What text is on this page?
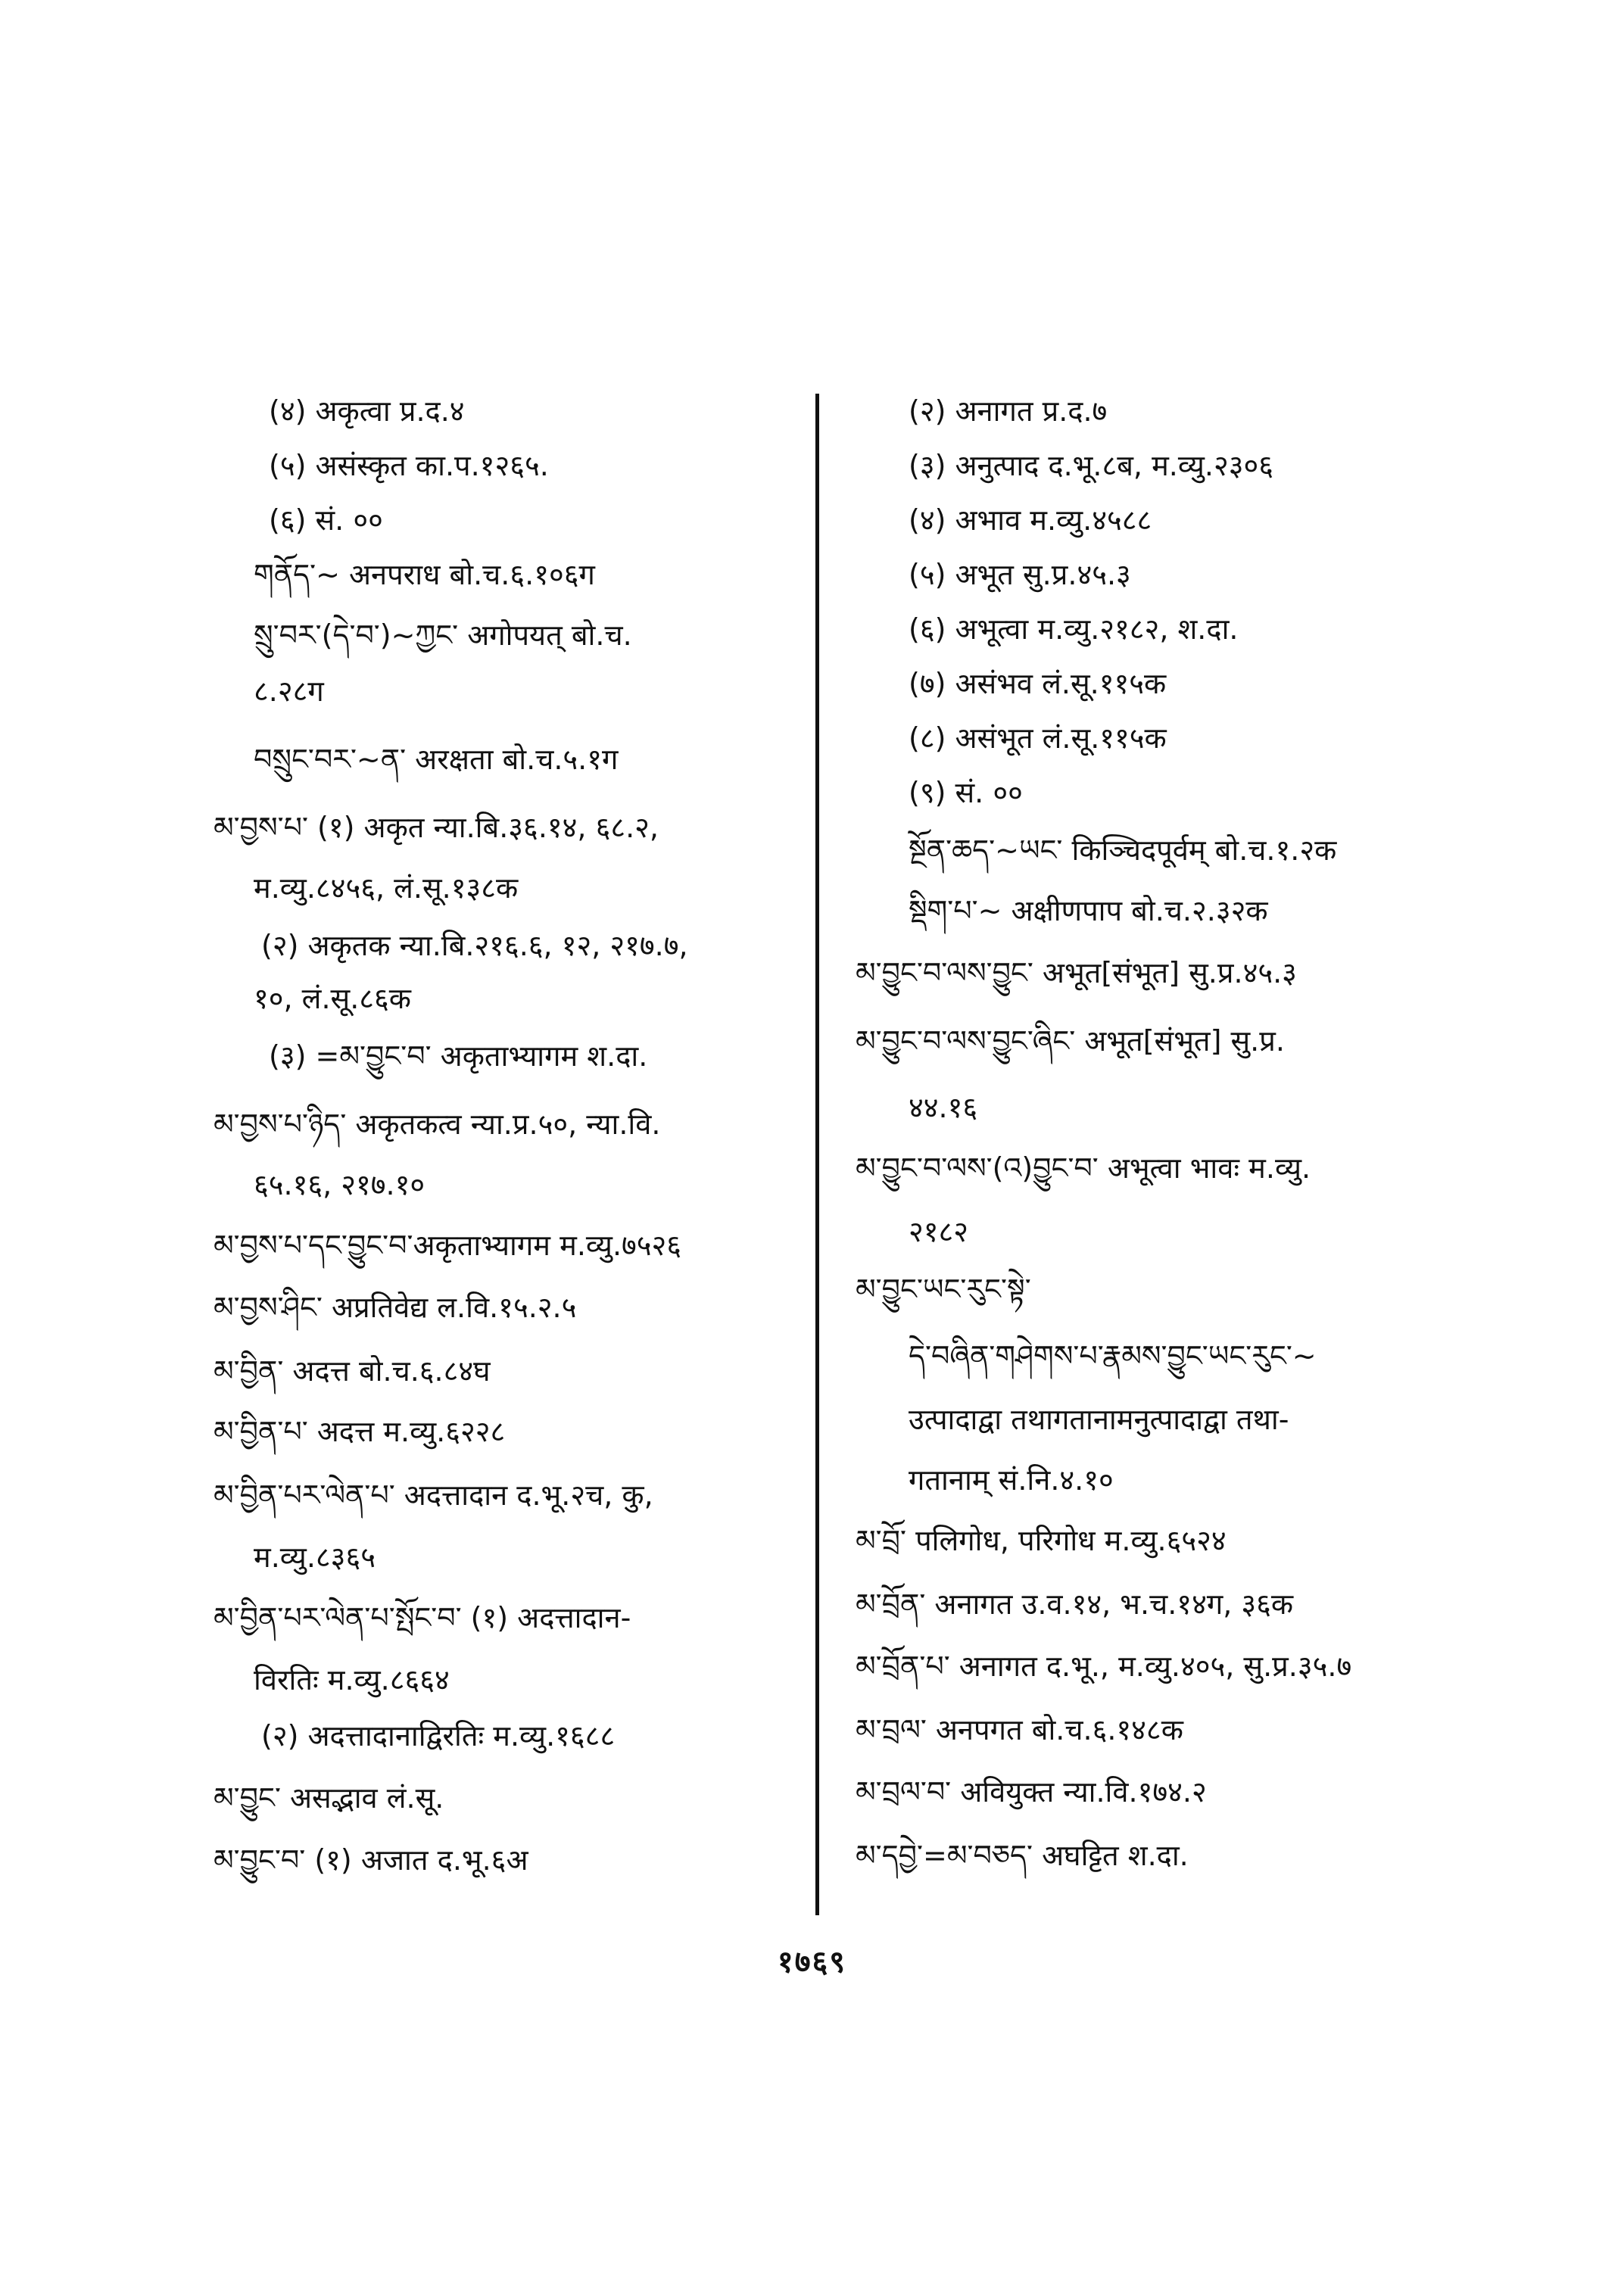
(४) अकृत्वा प्र.द.४
(५) असंस्कृत का.प.१२६५.
(६) सं. ००
གནོད་~ अनपराध बो.च.६.१०६ग
སྲུ་བར་(དེ་བ་)~ཀྱང་ अगोपयत् बो.च.
८.२८ग
བསྲུང་བར་~ན་ अरक्षता बो.च.५.१ग
མ་བྱས་པ་ (१) अकृत न्या.बि.३६.१४, ६८.२,
म.व्यु.८४५६, लं.सू.१३८क
(२) अकृतक न्या.बि.२१६.६, १२, २१७.७,
१०, लं.सू.८६क
(३) =མ་བྱུང་བ་ अकृताभ्यागम श.दा.
མ་བྱས་པ་ཉིད་ अकृतकत्व न्या.प्र.५०, न्या.वि.
६५.१६, २१७.१०
མ་བྱས་པ་དང་བྱུང་བ་अकृताभ्यागम म.व्यु.७५२६
མ་བྱས་ཤིང་ अप्रतिवेद्य ल.वि.१५.२.५
མ་བྱིན་ अदत्त बो.च.६.८४घ
མ་བྱིན་པ་ अदत्त म.व्यु.६२२८
མ་བྱིན་པར་ལེན་པ་ अदत्तादान द.भू.२च, कु,
म.व्यु.८३६५
མ་བྱིན་པར་ལེན་པ་སྤོང་བ་ (१) अदत्तादान-
विरतिः म.व्यु.८६६४
(२) अदत्तादानाद्विरतिः म.व्यु.१६८८
མ་བྱུང་ असद्भाव लं.सू.
མ་བྱུང་བ་ (१) अजात द.भू.६अ
(२) अनागत प्र.द.७
(३) अनुत्पाद द.भू.८ब, म.व्यु.२३०६
(४) अभाव म.व्यु.४५८८
(५) अभूत सु.प्र.४५.३
(६) अभूत्वा म.व्यु.२१८२, श.दा.
(७) असंभव लं.सू.११५क
(८) असंभूत लं.सू.११५क
(९) सं. ००
སྔོན་ཆད་~ཡང་ किञ्चिदपूर्वम् बो.च.१.२क
སྡིག་པ་~ अक्षीणपाप बो.च.२.३२क
མ་བྱུང་བ་ལས་བྱུང་ अभूत[संभूत] सु.प्र.४५.३
མ་བྱུང་བ་ལས་བྱུང་ཞིང་ अभूत[संभूत] सु.प्र.
४४.१६
མ་བྱུང་བ་ལས་(འ)བྱུང་བ་ अभूत्वा भावः म.व्यु.
२१८२
མ་བྱུང་ཡང་རུང་སྟེ་
དེ་བཞིན་གཤེགས་པ་རྣམས་བྱུང་ཡང་རུང་~
उत्पादाद्वा तथागतानामनुत्पादाद्वा तथा-
गतानाम् सं.नि.४.१०
མ་བྲོ་ पलिगोध, परिगोध म.व्यु.६५२४
མ་བྲོན་ अनागत उ.व.१४, भ.च.१४ग, ३६क
མ་བྲོན་པ་ अनागत द.भू., म.व्यु.४०५, सु.प्र.३५.७
མ་བྲལ་ अनपगत बो.च.६.१४८क
མ་བྲལ་བ་ अवियुक्त न्या.वि.१७४.२
མ་དབྱེ་=མ་བཅད་ अघट्टित श.दा.
१७६९
